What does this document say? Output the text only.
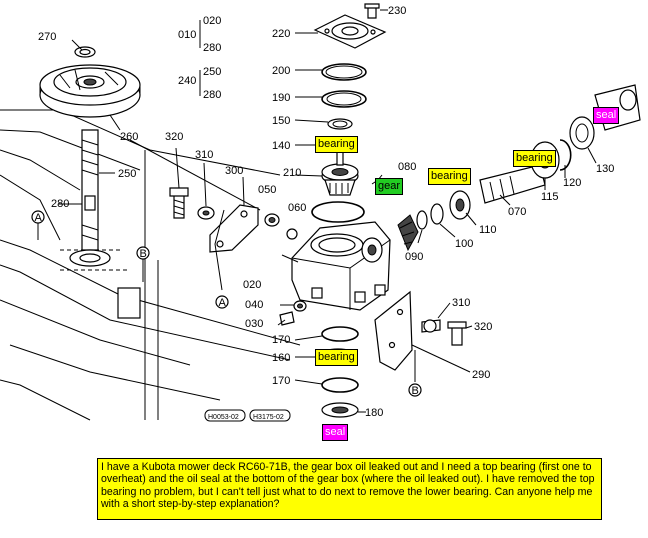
A
B
A
B
H0053-02 H3175-02
020
010
280
250
240
280
230
220
200
190
150
140
210	080
050
060
020
040
030
170
160
170
180
270
260
250
280
320
310
300
310
320
290
090
100
110
070
115
120
130
bearing
gear
bearing
bearing
seal
bearing
seal
I have a Kubota mower deck RC60-71B, the gear box oil leaked out and I need a top bearing (first one to overheat) and the oil seal at the bottom of the gear box (where the oil leaked out). I have removed the top bearing no problem, but I can't tell just what to do next to remove the lower bearing. Can anyone help me with a short step-by-step explanation?
